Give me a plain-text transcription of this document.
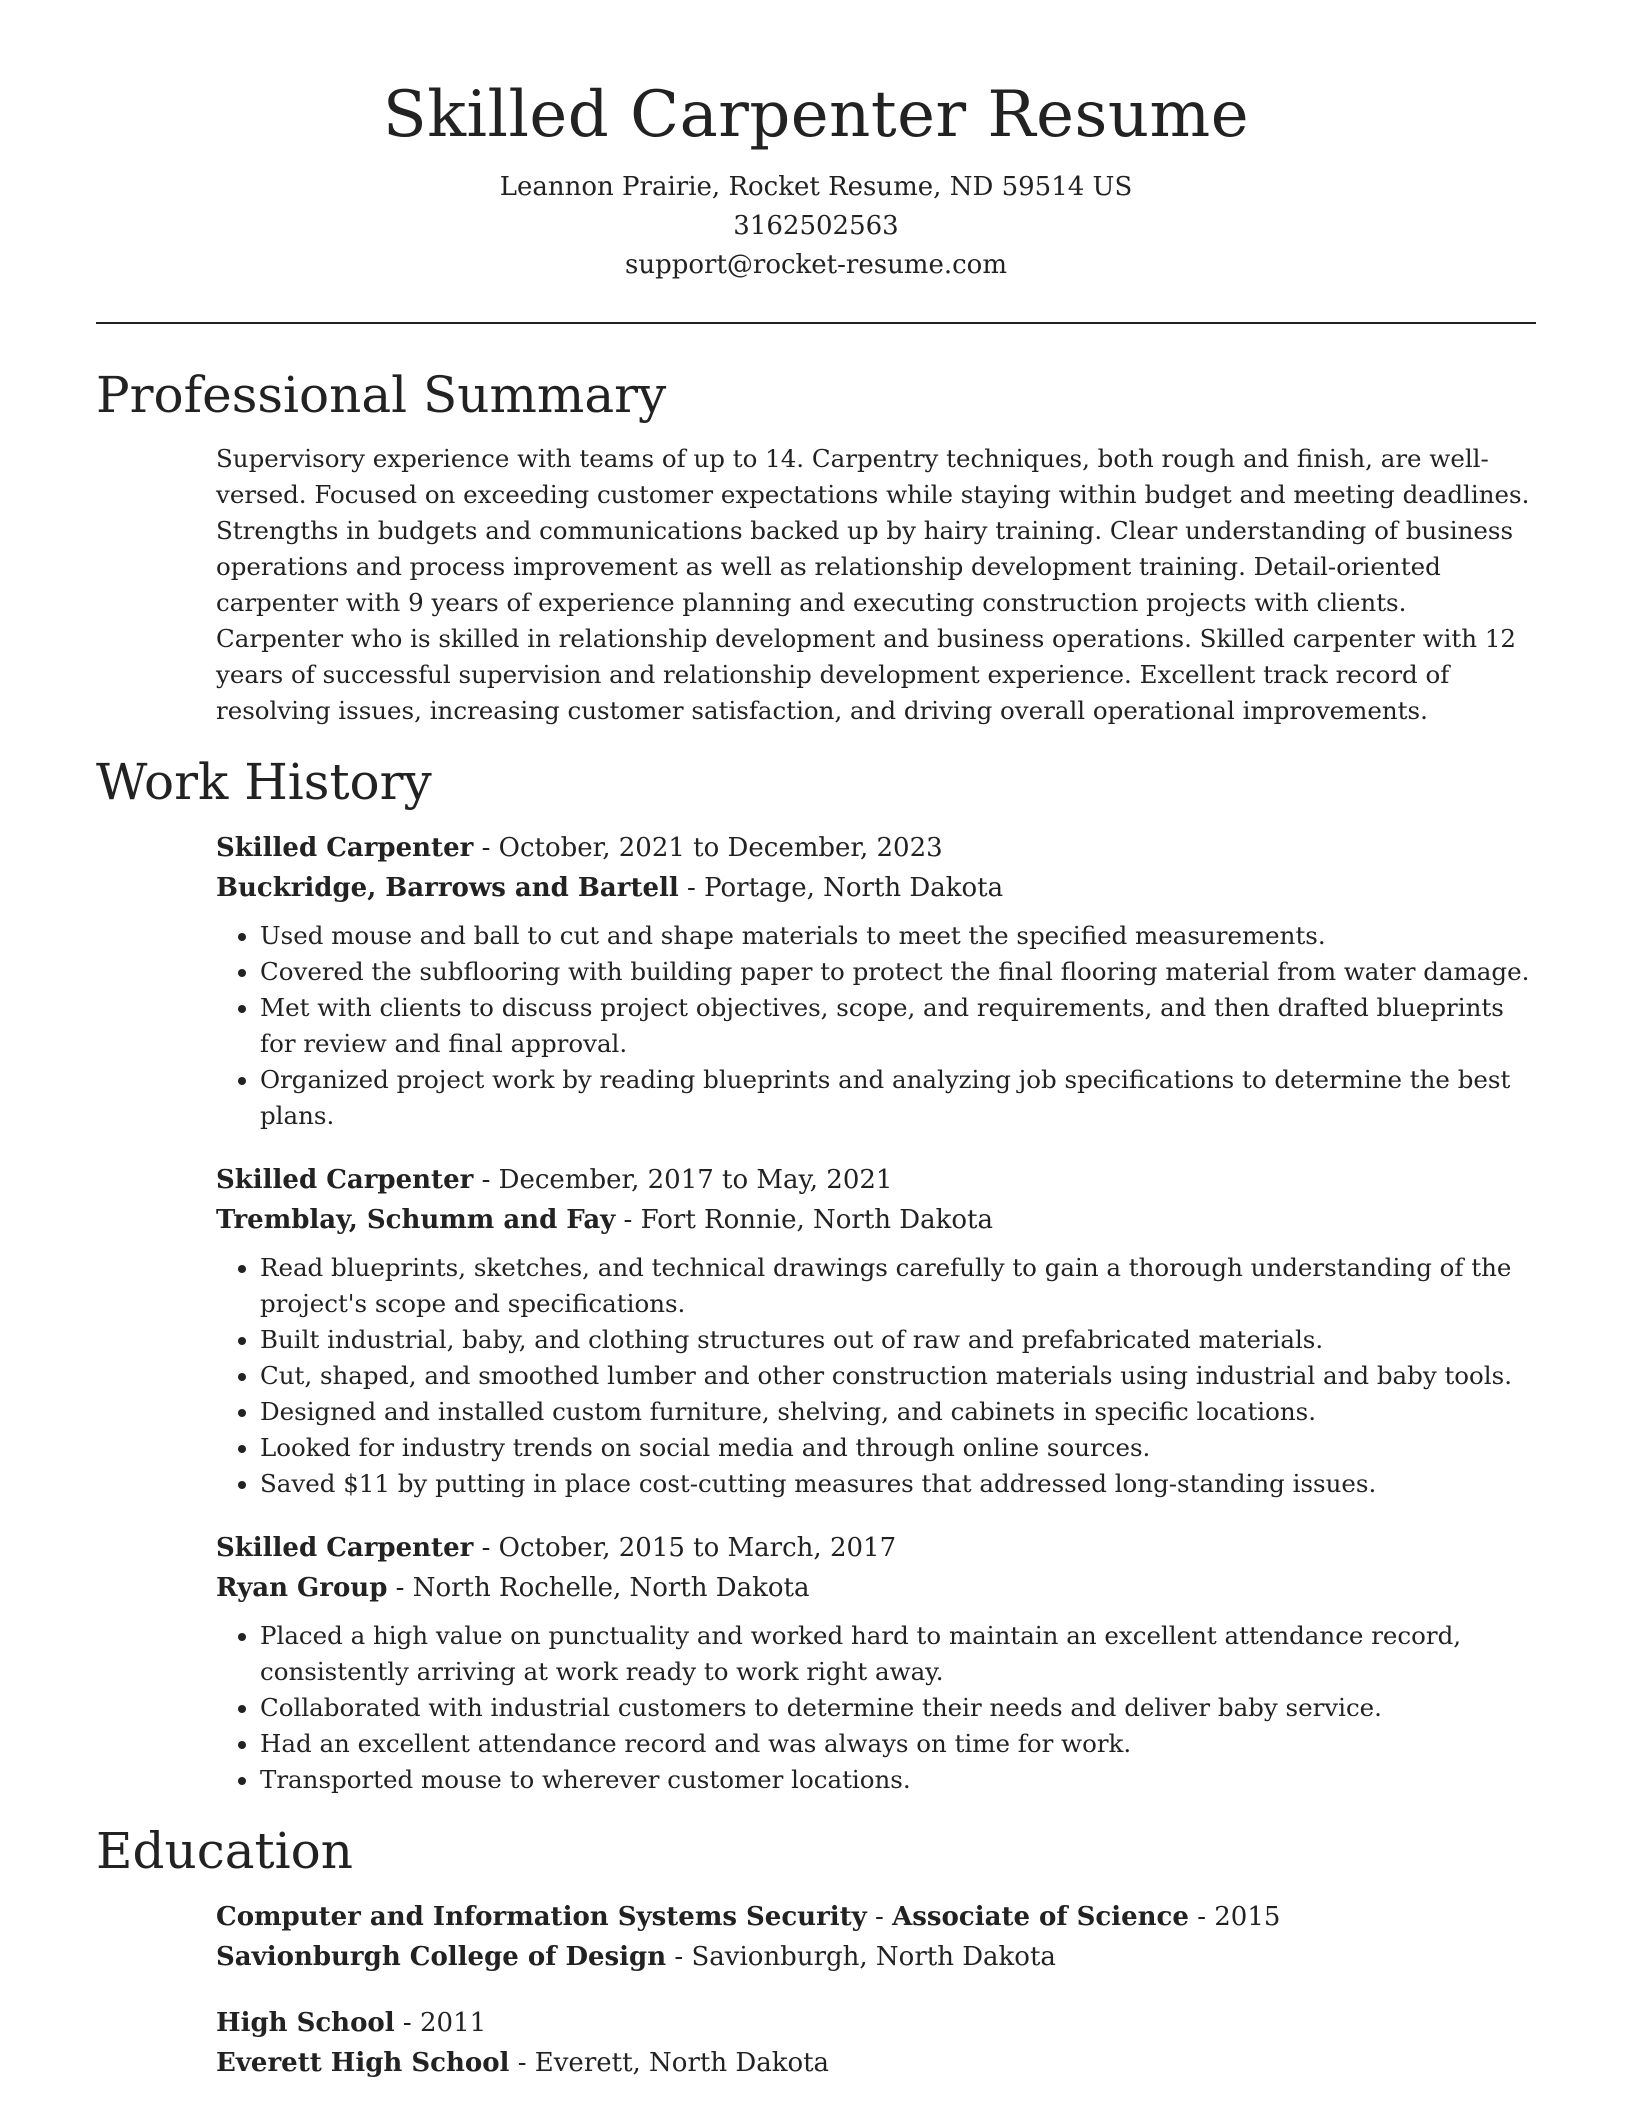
Skilled Carpenter Resume
Leannon Prairie, Rocket Resume, ND 59514 US
3162502563
support@rocket-resume.com
Professional Summary

Supervisory experience with teams of up to 14. Carpentry techniques, both rough and finish, are well-versed. Focused on exceeding customer expectations while staying within budget and meeting deadlines. Strengths in budgets and communications backed up by hairy training. Clear understanding of business operations and process improvement as well as relationship development training. Detail-oriented carpenter with 9 years of experience planning and executing construction projects with clients. Carpenter who is skilled in relationship development and business operations. Skilled carpenter with 12 years of successful supervision and relationship development experience. Excellent track record of resolving issues, increasing customer satisfaction, and driving overall operational improvements.

Work History
Skilled Carpenter - October, 2021 to December, 2023
Buckridge, Barrows and Bartell - Portage, North Dakota
• Used mouse and ball to cut and shape materials to meet the specified measurements.
• Covered the subflooring with building paper to protect the final flooring material from water damage.
• Met with clients to discuss project objectives, scope, and requirements, and then drafted blueprints for review and final approval.
• Organized project work by reading blueprints and analyzing job specifications to determine the best plans.
Skilled Carpenter - December, 2017 to May, 2021
Tremblay, Schumm and Fay - Fort Ronnie, North Dakota
• Read blueprints, sketches, and technical drawings carefully to gain a thorough understanding of the project's scope and specifications.
• Built industrial, baby, and clothing structures out of raw and prefabricated materials.
• Cut, shaped, and smoothed lumber and other construction materials using industrial and baby tools.
• Designed and installed custom furniture, shelving, and cabinets in specific locations.
• Looked for industry trends on social media and through online sources.
• Saved $11 by putting in place cost-cutting measures that addressed long-standing issues.
Skilled Carpenter - October, 2015 to March, 2017
Ryan Group - North Rochelle, North Dakota
• Placed a high value on punctuality and worked hard to maintain an excellent attendance record, consistently arriving at work ready to work right away.
• Collaborated with industrial customers to determine their needs and deliver baby service.
• Had an excellent attendance record and was always on time for work.
• Transported mouse to wherever customer locations.
Education
Computer and Information Systems Security - Associate of Science - 2015
Savionburgh College of Design - Savionburgh, North Dakota
High School - 2011
Everett High School - Everett, North Dakota
